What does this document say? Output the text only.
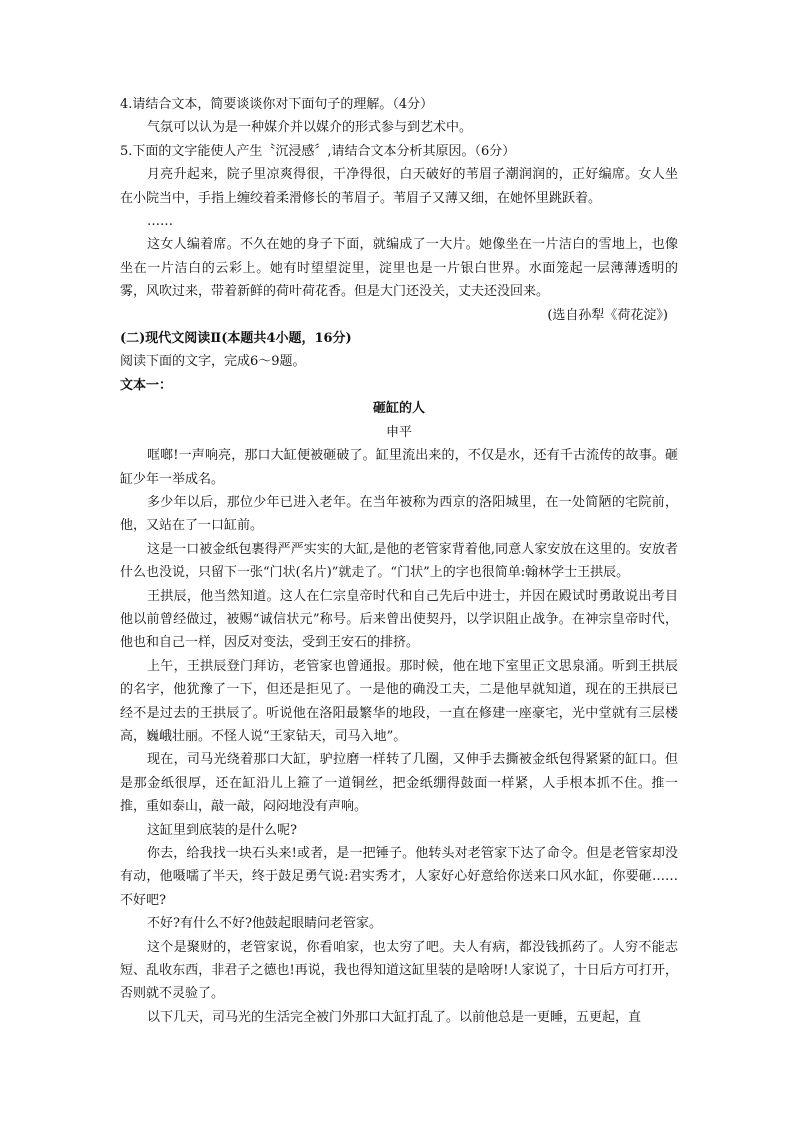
4.请结合文本，简要谈谈你对下面句子的理解。（4分）

气氛可以认为是一种媒介并以媒介的形式参与到艺术中。

5.下面的文字能使人产生〝沉浸感〞,请结合文本分析其原因。（6分）

月亮升起来，院子里凉爽得很，干净得很，白天破好的苇眉子潮润润的，正好编席。女人坐在小院当中，手指上缠绞着柔滑修长的苇眉子。苇眉子又薄又细，在她怀里跳跃着。

……

这女人编着席。不久在她的身子下面，就编成了一大片。她像坐在一片洁白的雪地上，也像坐在一片洁白的云彩上。她有时望望淀里，淀里也是一片银白世界。水面笼起一层薄薄透明的雾，风吹过来，带着新鲜的荷叶荷花香。但是大门还没关，丈夫还没回来。

(选自孙犁《荷花淀》)

(二)现代文阅读Ⅱ(本题共4小题，16分)

阅读下面的文字，完成6～9题。

文本一：

砸缸的人

申平

哐啷!一声响亮，那口大缸便被砸破了。缸里流出来的，不仅是水，还有千古流传的故事。砸缸少年一举成名。

多少年以后，那位少年已进入老年。在当年被称为西京的洛阳城里，在一处简陋的宅院前，他，又站在了一口缸前。

这是一口被金纸包裹得严严实实的大缸,是他的老管家背着他,同意人家安放在这里的。安放者什么也没说，只留下一张“门状(名片)”就走了。“门状”上的字也很简单:翰林学士王拱辰。

王拱辰，他当然知道。这人在仁宗皇帝时代和自己先后中进士，并因在殿试时勇敢说出考目他以前曾经做过，被赐“诚信状元”称号。后来曾出使契丹，以学识阻止战争。在神宗皇帝时代，他也和自己一样，因反对变法，受到王安石的排挤。

上午，王拱辰登门拜访，老管家也曾通报。那时候，他在地下室里正文思泉涌。听到王拱辰的名字，他犹豫了一下，但还是拒见了。一是他的确没工夫，二是他早就知道，现在的王拱辰已经不是过去的王拱辰了。听说他在洛阳最繁华的地段，一直在修建一座豪宅，光中堂就有三层楼高，巍峨壮丽。不怪人说“王家钻天，司马入地”。

现在，司马光绕着那口大缸，驴拉磨一样转了几圈，又伸手去撕被金纸包得紧紧的缸口。但是那金纸很厚，还在缸沿儿上箍了一道铜丝，把金纸绷得鼓面一样紧，人手根本抓不住。推一推，重如泰山，敲一敲，闷闷地没有声响。

这缸里到底装的是什么呢?

你去，给我找一块石头来!或者，是一把锤子。他转头对老管家下达了命令。但是老管家却没有动，他嗫嚅了半天，终于鼓足勇气说:君实秀才，人家好心好意给你送来口风水缸，你要砸……不好吧?

不好?有什么不好?他鼓起眼睛问老管家。

这个是聚财的，老管家说，你看咱家，也太穷了吧。夫人有病，都没钱抓药了。人穷不能志短、乱收东西，非君子之德也!再说，我也得知道这缸里装的是啥呀!人家说了，十日后方可打开，否则就不灵验了。

以下几天，司马光的生活完全被门外那口大缸打乱了。以前他总是一更睡，五更起，直
